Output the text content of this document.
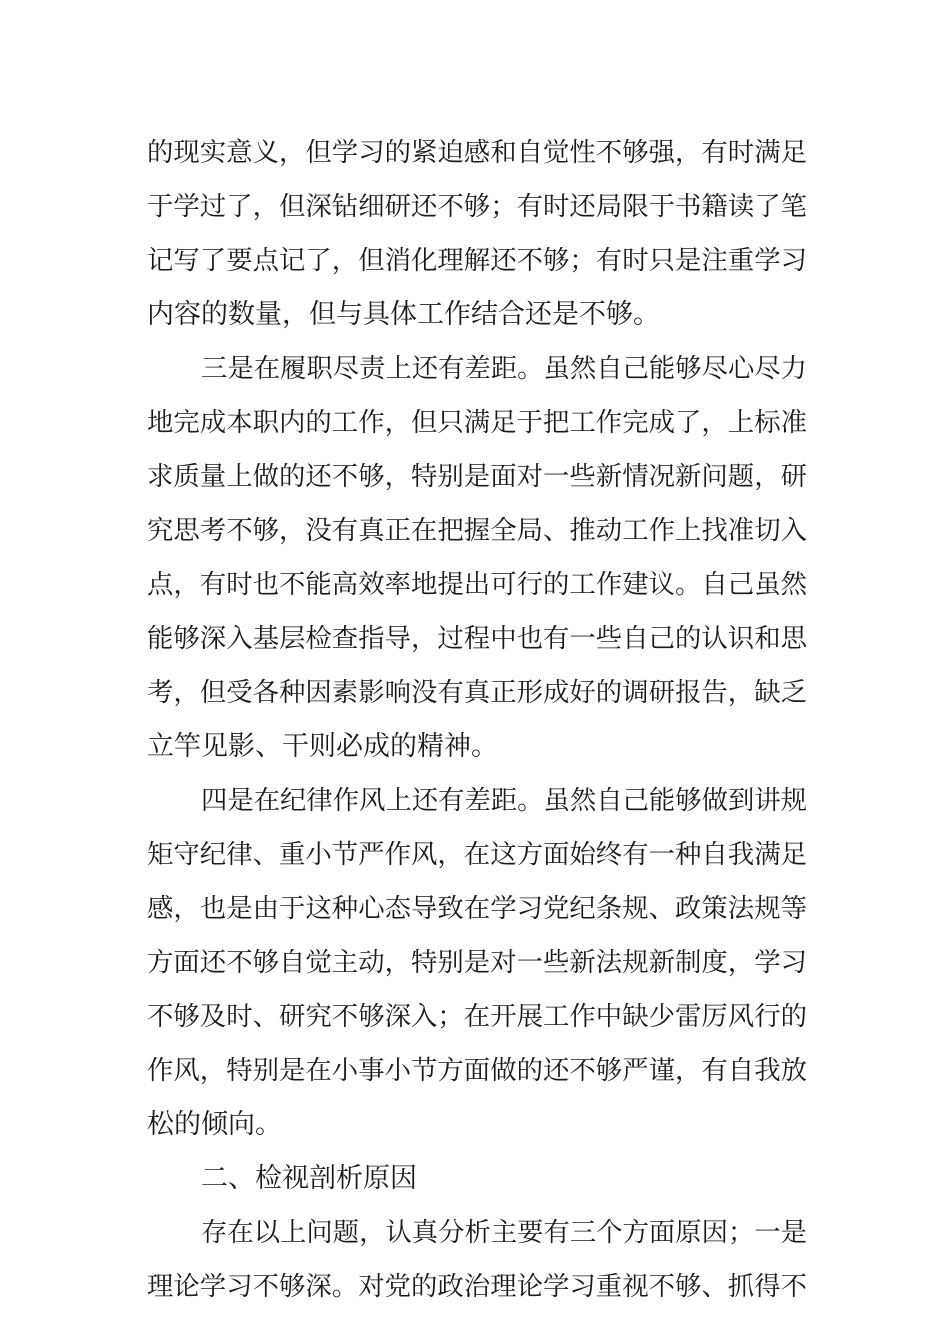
的现实意义，但学习的紧迫感和自觉性不够强，有时满足
于学过了，但深钻细研还不够；有时还局限于书籍读了笔
记写了要点记了，但消化理解还不够；有时只是注重学习
内容的数量，但与具体工作结合还是不够。
三是在履职尽责上还有差距。虽然自己能够尽心尽力
地完成本职内的工作，但只满足于把工作完成了，上标准
求质量上做的还不够，特别是面对一些新情况新问题，研
究思考不够，没有真正在把握全局、推动工作上找准切入
点，有时也不能高效率地提出可行的工作建议。自己虽然
能够深入基层检查指导，过程中也有一些自己的认识和思
考，但受各种因素影响没有真正形成好的调研报告，缺乏
立竿见影、干则必成的精神。
四是在纪律作风上还有差距。虽然自己能够做到讲规
矩守纪律、重小节严作风，在这方面始终有一种自我满足
感，也是由于这种心态导致在学习党纪条规、政策法规等
方面还不够自觉主动，特别是对一些新法规新制度，学习
不够及时、研究不够深入；在开展工作中缺少雷厉风行的
作风，特别是在小事小节方面做的还不够严谨，有自我放
松的倾向。
二、检视剖析原因
存在以上问题，认真分析主要有三个方面原因；一是
理论学习不够深。对党的政治理论学习重视不够、抓得不
